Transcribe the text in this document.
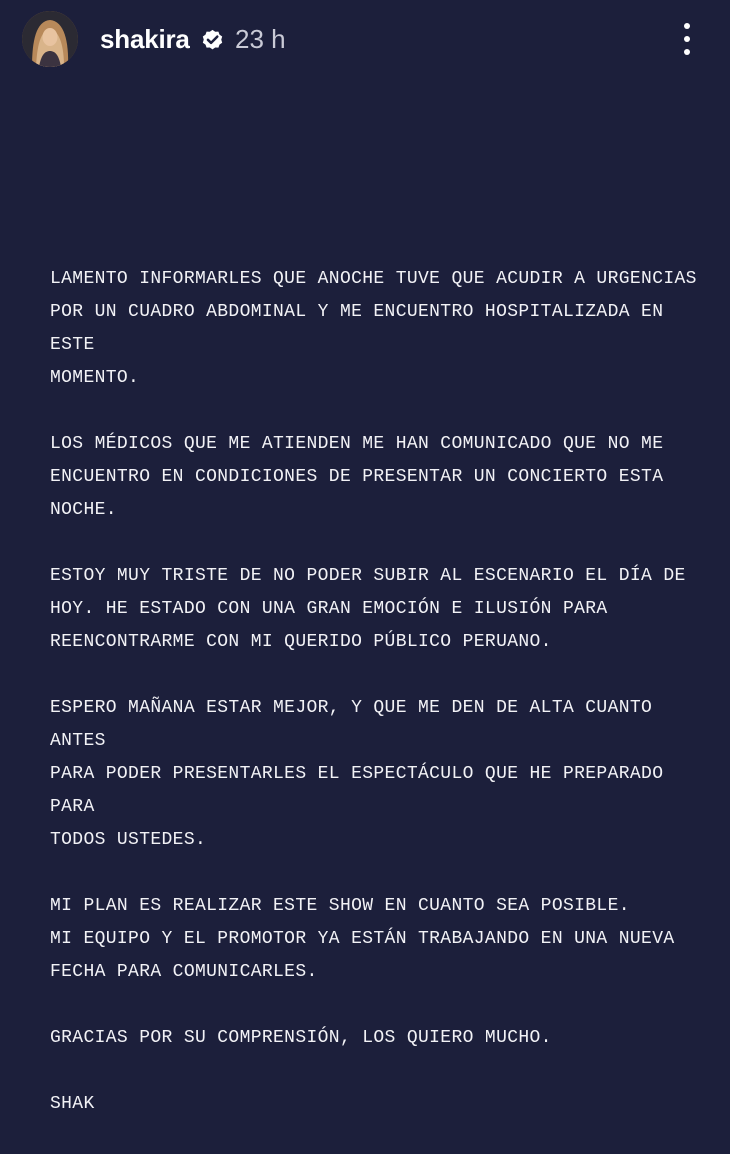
shakira 23 h

LAMENTO INFORMARLES QUE ANOCHE TUVE QUE ACUDIR A URGENCIAS
POR UN CUADRO ABDOMINAL Y ME ENCUENTRO HOSPITALIZADA EN ESTE
MOMENTO.

LOS MÉDICOS QUE ME ATIENDEN ME HAN COMUNICADO QUE NO ME
ENCUENTRO EN CONDICIONES DE PRESENTAR UN CONCIERTO ESTA
NOCHE.

ESTOY MUY TRISTE DE NO PODER SUBIR AL ESCENARIO EL DÍA DE
HOY. HE ESTADO CON UNA GRAN EMOCIÓN E ILUSIÓN PARA
REENCONTRARME CON MI QUERIDO PÚBLICO PERUANO.

ESPERO MAÑANA ESTAR MEJOR, Y QUE ME DEN DE ALTA CUANTO ANTES
PARA PODER PRESENTARLES EL ESPECTÁCULO QUE HE PREPARADO PARA
TODOS USTEDES.

MI PLAN ES REALIZAR ESTE SHOW EN CUANTO SEA POSIBLE.
MI EQUIPO Y EL PROMOTOR YA ESTÁN TRABAJANDO EN UNA NUEVA
FECHA PARA COMUNICARLES.

GRACIAS POR SU COMPRENSIÓN, LOS QUIERO MUCHO.

SHAK
